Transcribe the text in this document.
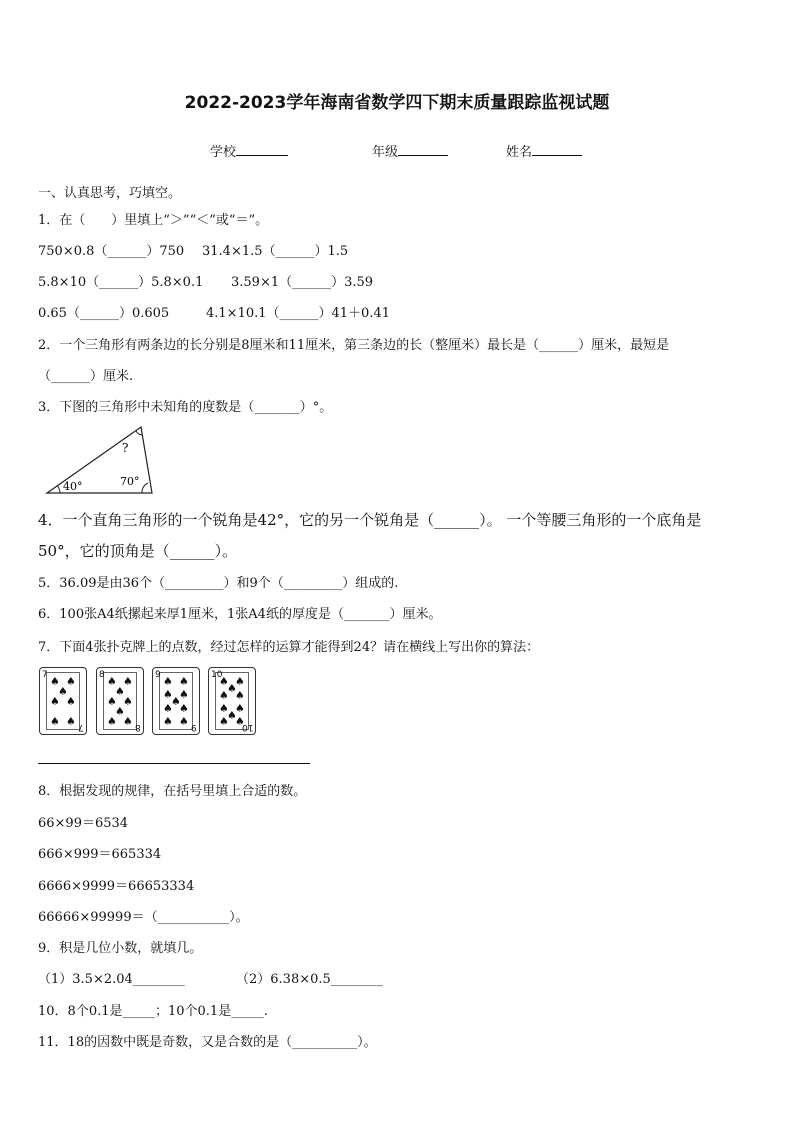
2022-2023学年海南省数学四下期末质量跟踪监视试题
学校	年级	姓名
一、认真思考，巧填空。
1．在（　　）里填上“＞”“＜”或“＝”。
750×0.8（______）750 31.4×1.5（______）1.5
5.8×10（______）5.8×0.1 3.59×1（______）3.59
0.65（______）0.605	4.1×10.1（______）41＋0.41
2．一个三角形有两条边的长分别是8厘米和11厘米，第三条边的长（整厘米）最长是（______）厘米，最短是
（______）厘米.
3．下图的三角形中未知角的度数是（_______）°。
40°	70°
?
4．一个直角三角形的一个锐角是42°，它的另一个锐角是（______）。 一个等腰三角形的一个底角是
50°，它的顶角是（______）。
5．36.09是由36个（_________）和9个（_________）组成的.
6．100张A4纸摞起来厚1厘米，1张A4纸的厚度是（_______）厘米。
7．下面4张扑克牌上的点数，经过怎样的运算才能得到24？请在横线上写出你的算法：
7
7
♠ ♠
♠
♠ ♠
♠ ♠
8
8
♠ ♠
♠
♠ ♠
♠
♠ ♠
9
9
♠ ♠
♠ ♠
♠
♠ ♠
♠ ♠
10
10
♠ ♠
♠
♠ ♠
♠ ♠
♠
♠ ♠
8．根据发现的规律，在括号里填上合适的数。
66×99＝6534
666×999＝665334
6666×9999＝66653334
66666×99999＝（___________）。
9．积是几位小数，就填几。
（1）3.5×2.04________	（2）6.38×0.5________
10．8个0.1是_____；10个0.1是_____.
11．18的因数中既是奇数，又是合数的是（__________）。
